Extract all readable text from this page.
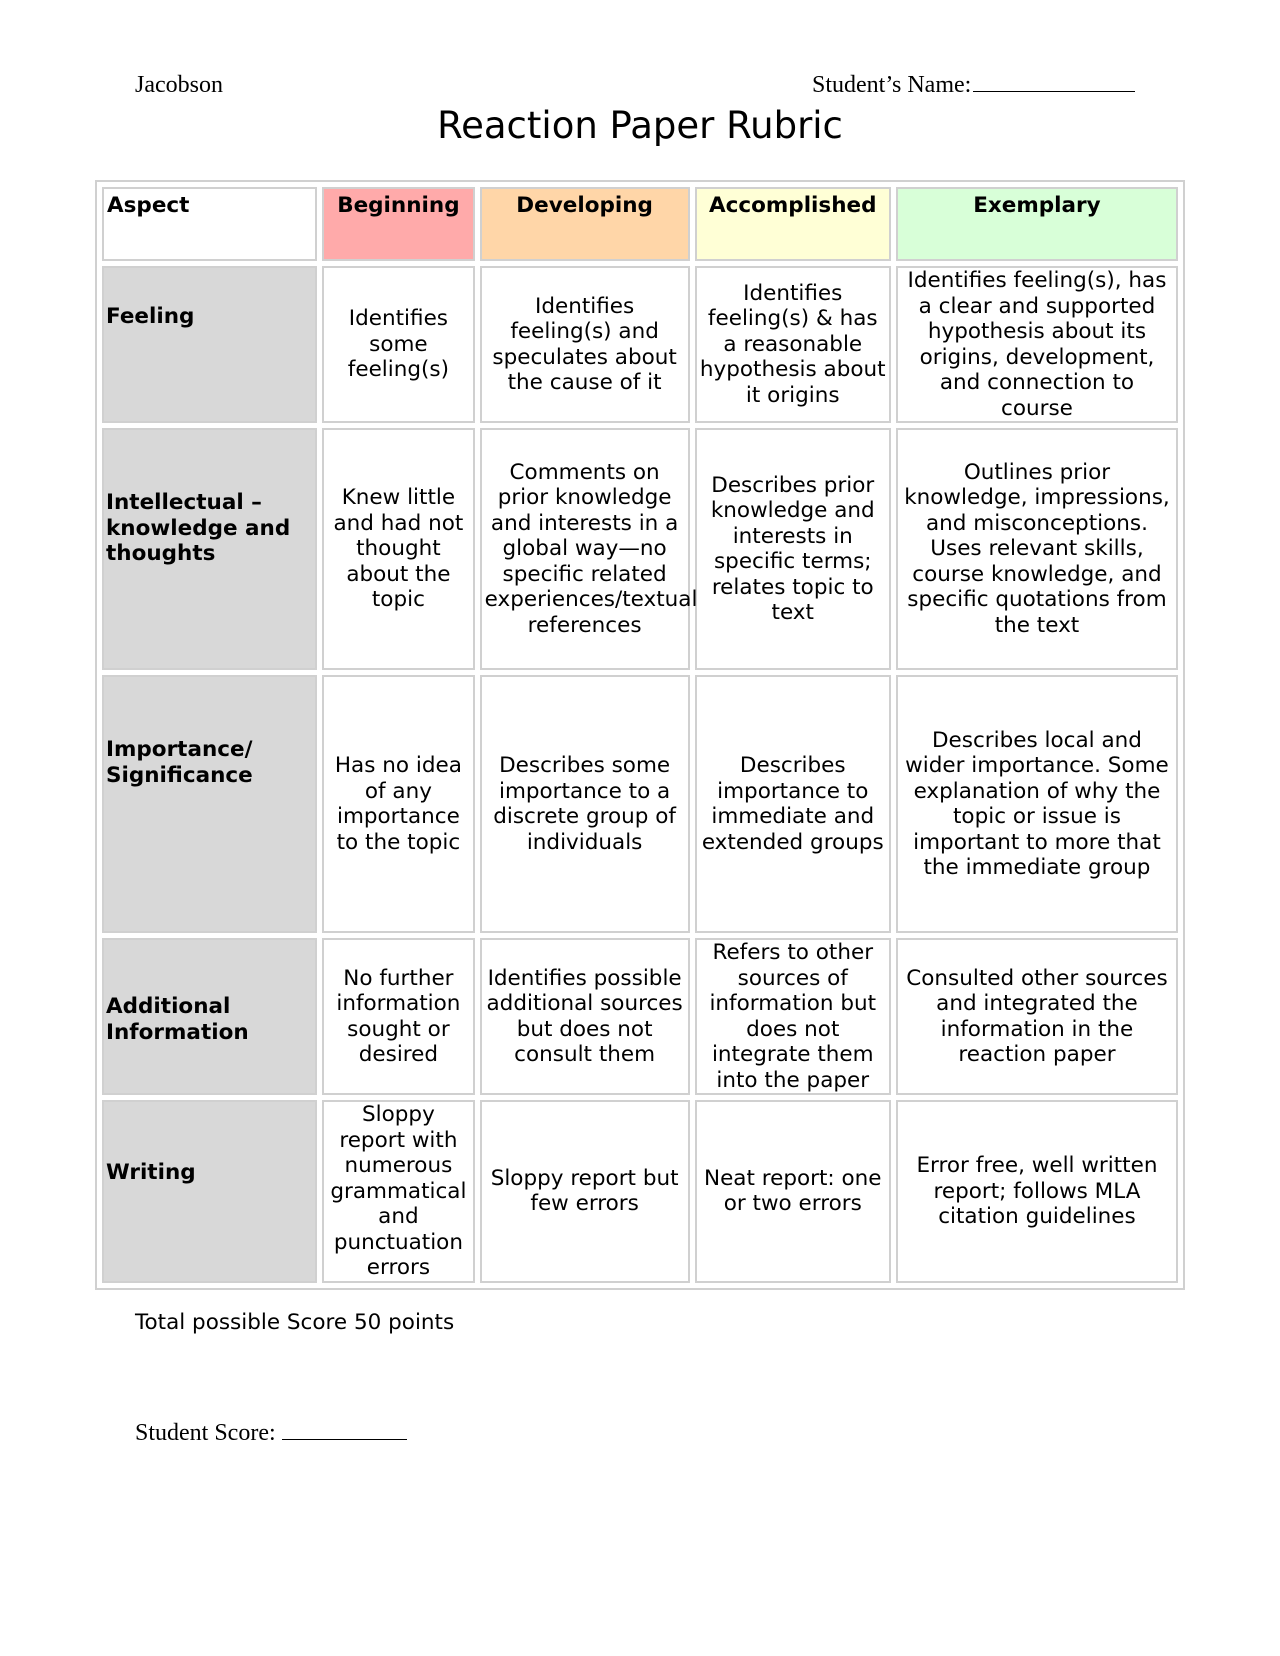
Jacobson	Student’s Name:
Reaction Paper Rubric
Aspect	Beginning	Developing	Accomplished	Exemplary
Feeling	Identifies some feeling(s)	Identifies feeling(s) and speculates about the cause of it	Identifies feeling(s) & has a reasonable hypothesis about it origins	Identifies feeling(s), has a clear and supported hypothesis about its origins, development, and connection to course
Intellectual – knowledge and thoughts	Knew little and had not thought about the topic	Comments on prior knowledge and interests in a global way—no specific related experiences/textual references	Describes prior knowledge and interests in specific terms; relates topic to text	Outlines prior knowledge, impressions, and misconceptions. Uses relevant skills, course knowledge, and specific quotations from the text
Importance/ Significance	Has no idea of any importance to the topic	Describes some importance to a discrete group of individuals	Describes importance to immediate and extended groups	Describes local and wider importance. Some explanation of why the topic or issue is important to more that the immediate group
Additional Information	No further information sought or desired	Identifies possible additional sources but does not consult them	Refers to other sources of information but does not integrate them into the paper	Consulted other sources and integrated the information in the reaction paper
Writing	Sloppy report with numerous grammatical and punctuation errors	Sloppy report but few errors	Neat report: one or two errors	Error free, well written report; follows MLA citation guidelines
Total possible Score 50 points
Student Score:
